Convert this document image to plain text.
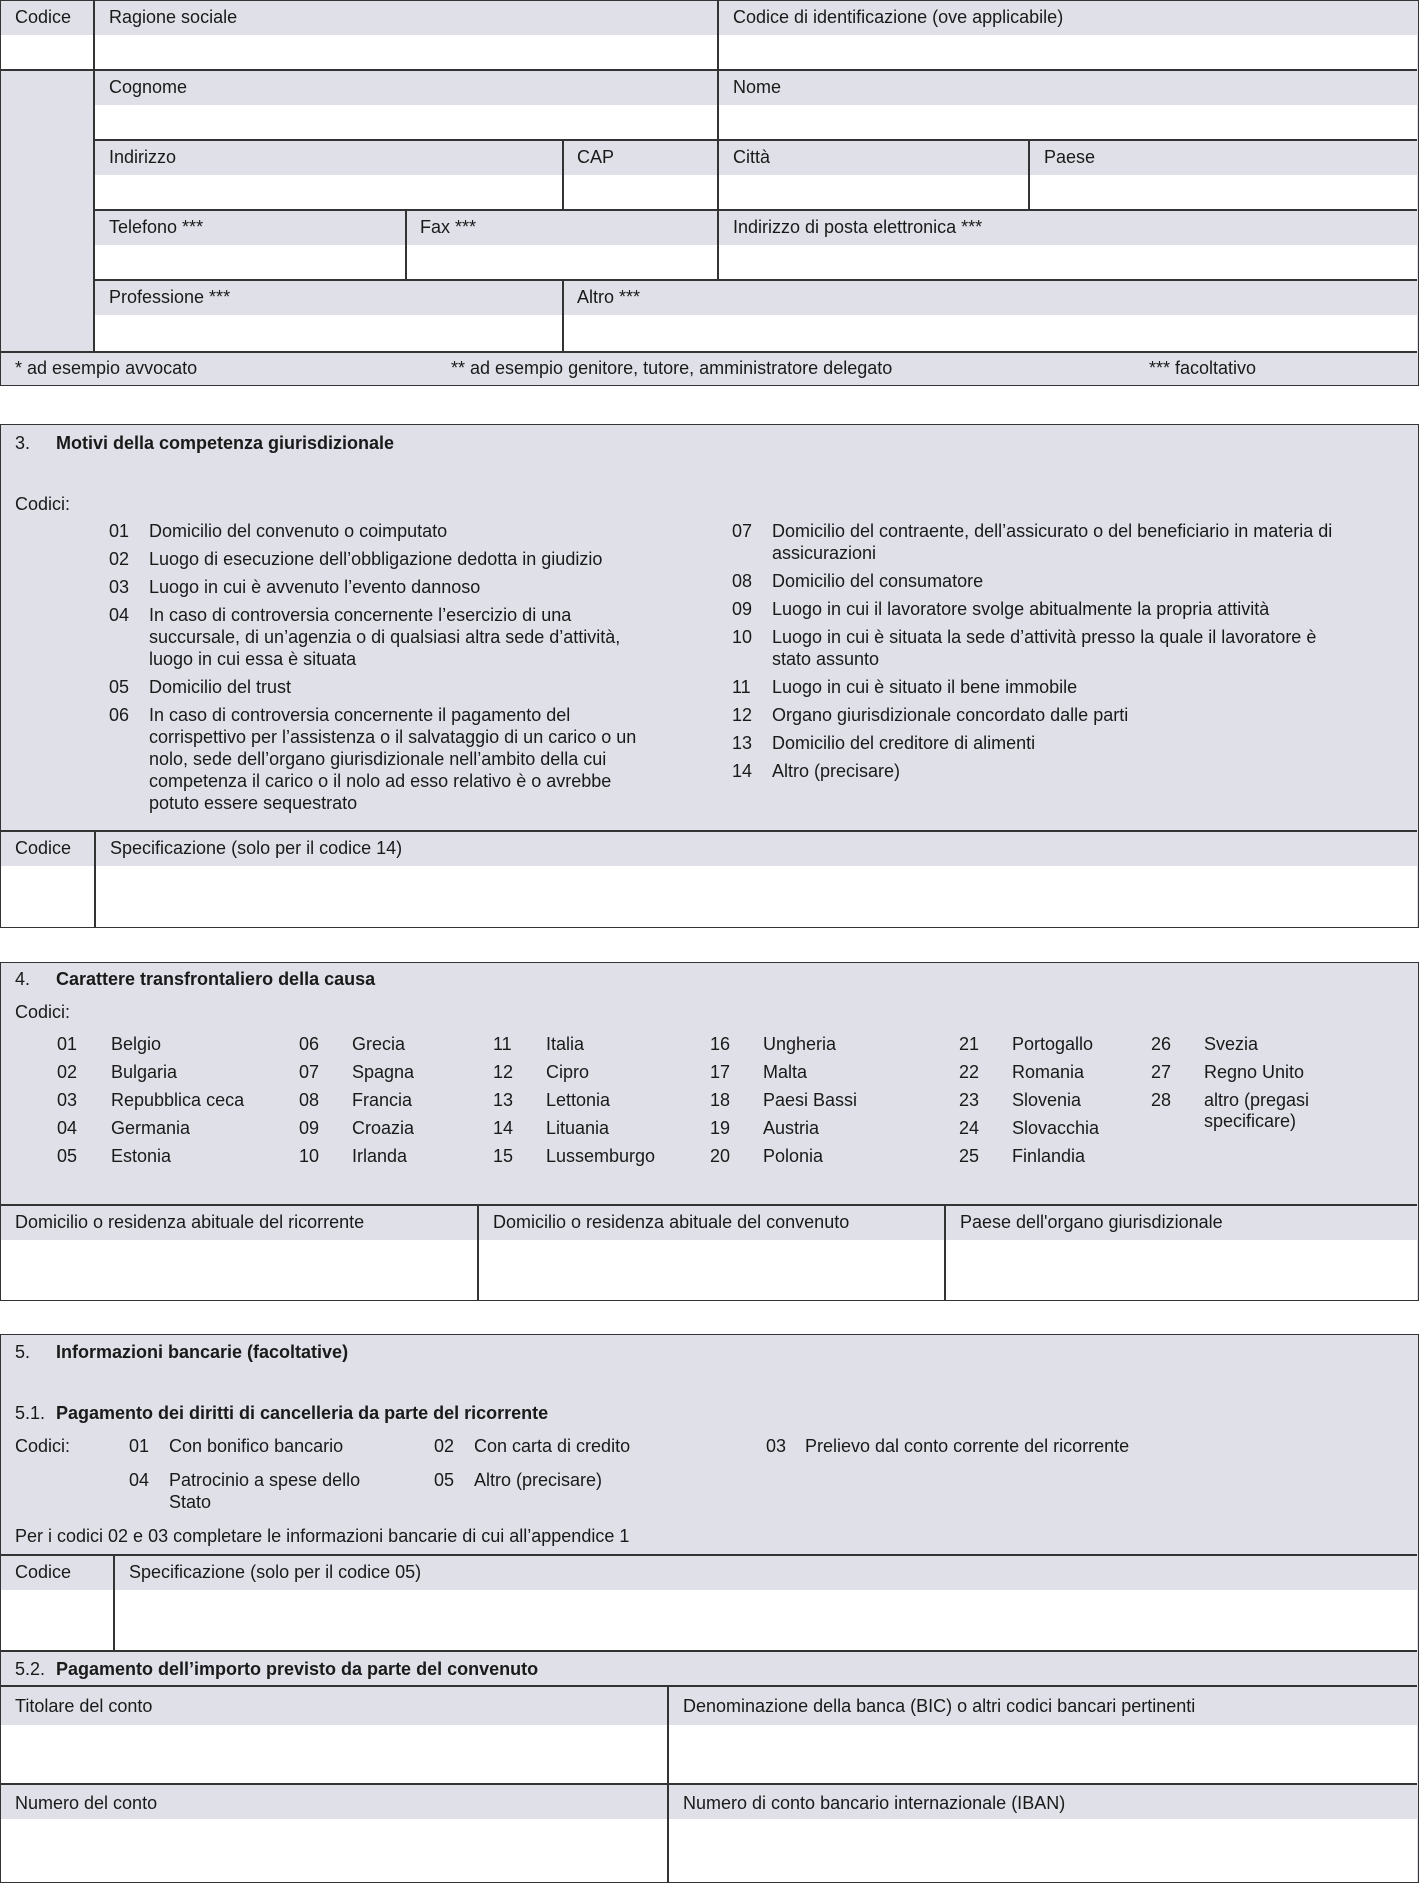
Codice	Ragione sociale	Codice di identificazione (ove applicabile)
Cognome	Nome
Indirizzo	CAP	Città	Paese
Telefono ***	Fax ***	Indirizzo di posta elettronica ***
Professione ***	Altro ***
* ad esempio avvocato	** ad esempio genitore, tutore, amministratore delegato	*** facoltativo
3. Motivi della competenza giurisdizionale
Codici:
01 Domicilio del convenuto o coimputato
02 Luogo di esecuzione dell’obbligazione dedotta in giudizio
03 Luogo in cui è avvenuto l’evento dannoso
04 In caso di controversia concernente l’esercizio di una
succursale, di un’agenzia o di qualsiasi altra sede d’attività,
luogo in cui essa è situata
05 Domicilio del trust
06 In caso di controversia concernente il pagamento del
corrispettivo per l’assistenza o il salvataggio di un carico o un
nolo, sede dell’organo giurisdizionale nell’ambito della cui
competenza il carico o il nolo ad esso relativo è o avrebbe
potuto essere sequestrato
07 Domicilio del contraente, dell’assicurato o del beneficiario in materia di
assicurazioni
08 Domicilio del consumatore
09 Luogo in cui il lavoratore svolge abitualmente la propria attività
10 Luogo in cui è situata la sede d’attività presso la quale il lavoratore è
stato assunto
11 Luogo in cui è situato il bene immobile
12 Organo giurisdizionale concordato dalle parti
13 Domicilio del creditore di alimenti
14 Altro (precisare)
Codice	Specificazione (solo per il codice 14)
4. Carattere transfrontaliero della causa
Codici:
01 Belgio
02 Bulgaria
03 Repubblica ceca
04 Germania
05 Estonia
06 Grecia
07 Spagna
08 Francia
09 Croazia
10 Irlanda
11 Italia
12 Cipro
13 Lettonia
14 Lituania
15 Lussemburgo
16 Ungheria
17 Malta
18 Paesi Bassi
19 Austria
20 Polonia
21 Portogallo
22 Romania
23 Slovenia
24 Slovacchia
25 Finlandia
26 Svezia
27 Regno Unito
28 altro (pregasi
specificare)
Domicilio o residenza abituale del ricorrente	Domicilio o residenza abituale del convenuto	Paese dell'organo giurisdizionale
5. Informazioni bancarie (facoltative)
5.1. Pagamento dei diritti di cancelleria da parte del ricorrente
Codici:	01 Con bonifico bancario	02 Con carta di credito	03 Prelievo dal conto corrente del ricorrente
04 Patrocinio a spese dello
Stato
05 Altro (precisare)
Per i codici 02 e 03 completare le informazioni bancarie di cui all’appendice 1
Codice	Specificazione (solo per il codice 05)
5.2. Pagamento dell’importo previsto da parte del convenuto
Titolare del conto	Denominazione della banca (BIC) o altri codici bancari pertinenti
Numero del conto	Numero di conto bancario internazionale (IBAN)
